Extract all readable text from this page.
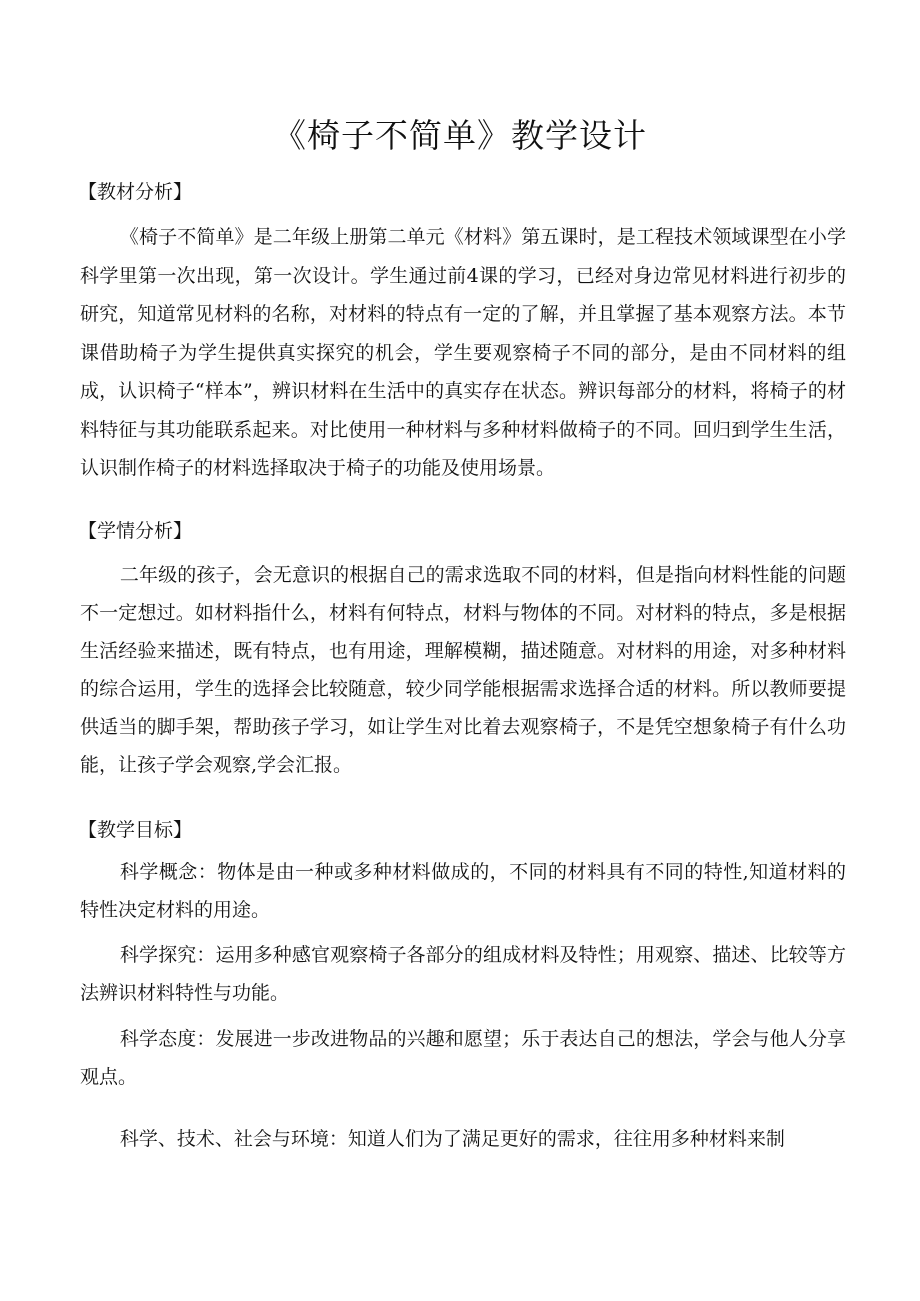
《椅子不简单》教学设计
【教材分析】
《椅子不简单》是二年级上册第二单元《材料》第五课时，是工程技术领域课型在小学科学里第一次出现，第一次设计。学生通过前4课的学习，已经对身边常见材料进行初步的研究，知道常见材料的名称，对材料的特点有一定的了解，并且掌握了基本观察方法。本节课借助椅子为学生提供真实探究的机会，学生要观察椅子不同的部分，是由不同材料的组成，认识椅子“样本”，辨识材料在生活中的真实存在状态。辨识每部分的材料，将椅子的材料特征与其功能联系起来。对比使用一种材料与多种材料做椅子的不同。回归到学生生活，认识制作椅子的材料选择取决于椅子的功能及使用场景。
【学情分析】
二年级的孩子，会无意识的根据自己的需求选取不同的材料，但是指向材料性能的问题不一定想过。如材料指什么，材料有何特点，材料与物体的不同。对材料的特点，多是根据生活经验来描述，既有特点，也有用途，理解模糊，描述随意。对材料的用途，对多种材料的综合运用，学生的选择会比较随意，较少同学能根据需求选择合适的材料。所以教师要提供适当的脚手架，帮助孩子学习，如让学生对比着去观察椅子，不是凭空想象椅子有什么功能，让孩子学会观察,学会汇报。
【教学目标】
科学概念：物体是由一种或多种材料做成的，不同的材料具有不同的特性,知道材料的特性决定材料的用途。
科学探究：运用多种感官观察椅子各部分的组成材料及特性；用观察、描述、比较等方法辨识材料特性与功能。
科学态度：发展进一步改进物品的兴趣和愿望；乐于表达自己的想法，学会与他人分享观点。
科学、技术、社会与环境：知道人们为了满足更好的需求，往往用多种材料来制
